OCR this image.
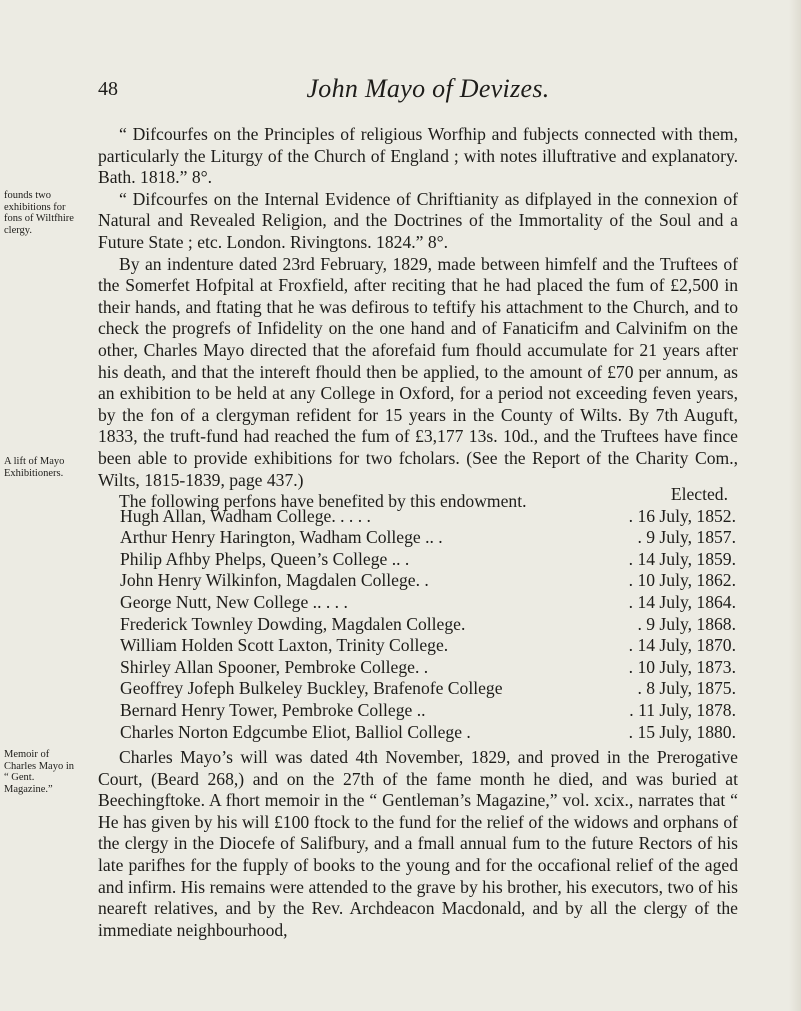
48	John Mayo of Devizes.

“ Difcourfes on the Principles of religious Worfhip and fubjects connected with them, particularly the Liturgy of the Church of England ; with notes illuftrative and explanatory. Bath. 1818.” 8°.

“ Difcourfes on the Internal Evidence of Chriftianity as difplayed in the connexion of Natural and Revealed Religion, and the Doctrines of the Immortality of the Soul and a Future State ; etc. London. Rivingtons. 1824.” 8°.

By an indenture dated 23rd February, 1829, made between himfelf and the Truftees of the Somerfet Hofpital at Froxfield, after reciting that he had placed the fum of £2,500 in their hands, and ftating that he was defirous to teftify his attachment to the Church, and to check the progrefs of Infidelity on the one hand and of Fanaticifm and Calvinifm on the other, Charles Mayo directed that the aforefaid fum fhould accumulate for 21 years after his death, and that the intereft fhould then be applied, to the amount of £70 per annum, as an exhibition to be held at any College in Oxford, for a period not exceeding feven years, by the fon of a clergyman refident for 15 years in the County of Wilts. By 7th Auguft, 1833, the truft-fund had reached the fum of £3,177 13s. 10d., and the Truftees have fince been able to provide exhibitions for two fcholars. (See the Report of the Charity Com., Wilts, 1815-1839, page 437.)

The following perfons have benefited by this endowment.

founds two exhibitions for fons of Wiltfhire clergy.
A lift of Mayo Exhibitioners.
Memoir of Charles Mayo in “ Gent. Magazine.”
Elected.
Hugh Allan, Wadham College . . . . .	. 16 July, 1852.
Arthur Henry Harington, Wadham College . . .	. 9 July, 1857.
Philip Afhby Phelps, Queen’s College . . .	. 14 July, 1859.
John Henry Wilkinfon, Magdalen College . .	. 10 July, 1862.
George Nutt, New College . . . . .	. 14 July, 1864.
Frederick Townley Dowding, Magdalen College .	. 9 July, 1868.
William Holden Scott Laxton, Trinity College .	. 14 July, 1870.
Shirley Allan Spooner, Pembroke College . .	. 10 July, 1873.
Geoffrey Jofeph Bulkeley Buckley, Brafenofe College	. 8 July, 1875.
Bernard Henry Tower, Pembroke College . .	. 11 July, 1878.
Charles Norton Edgcumbe Eliot, Balliol College .	. 15 July, 1880.

Charles Mayo’s will was dated 4th November, 1829, and proved in the Prerogative Court, (Beard 268,) and on the 27th of the fame month he died, and was buried at Beechingftoke. A fhort memoir in the “ Gentleman’s Magazine,” vol. xcix., narrates that “ He has given by his will £100 ftock to the fund for the relief of the widows and orphans of the clergy in the Diocefe of Salifbury, and a fmall annual fum to the future Rectors of his late parifhes for the fupply of books to the young and for the occafional relief of the aged and infirm. His remains were attended to the grave by his brother, his executors, two of his neareft relatives, and by the Rev. Archdeacon Macdonald, and by all the clergy of the immediate neighbourhood,
